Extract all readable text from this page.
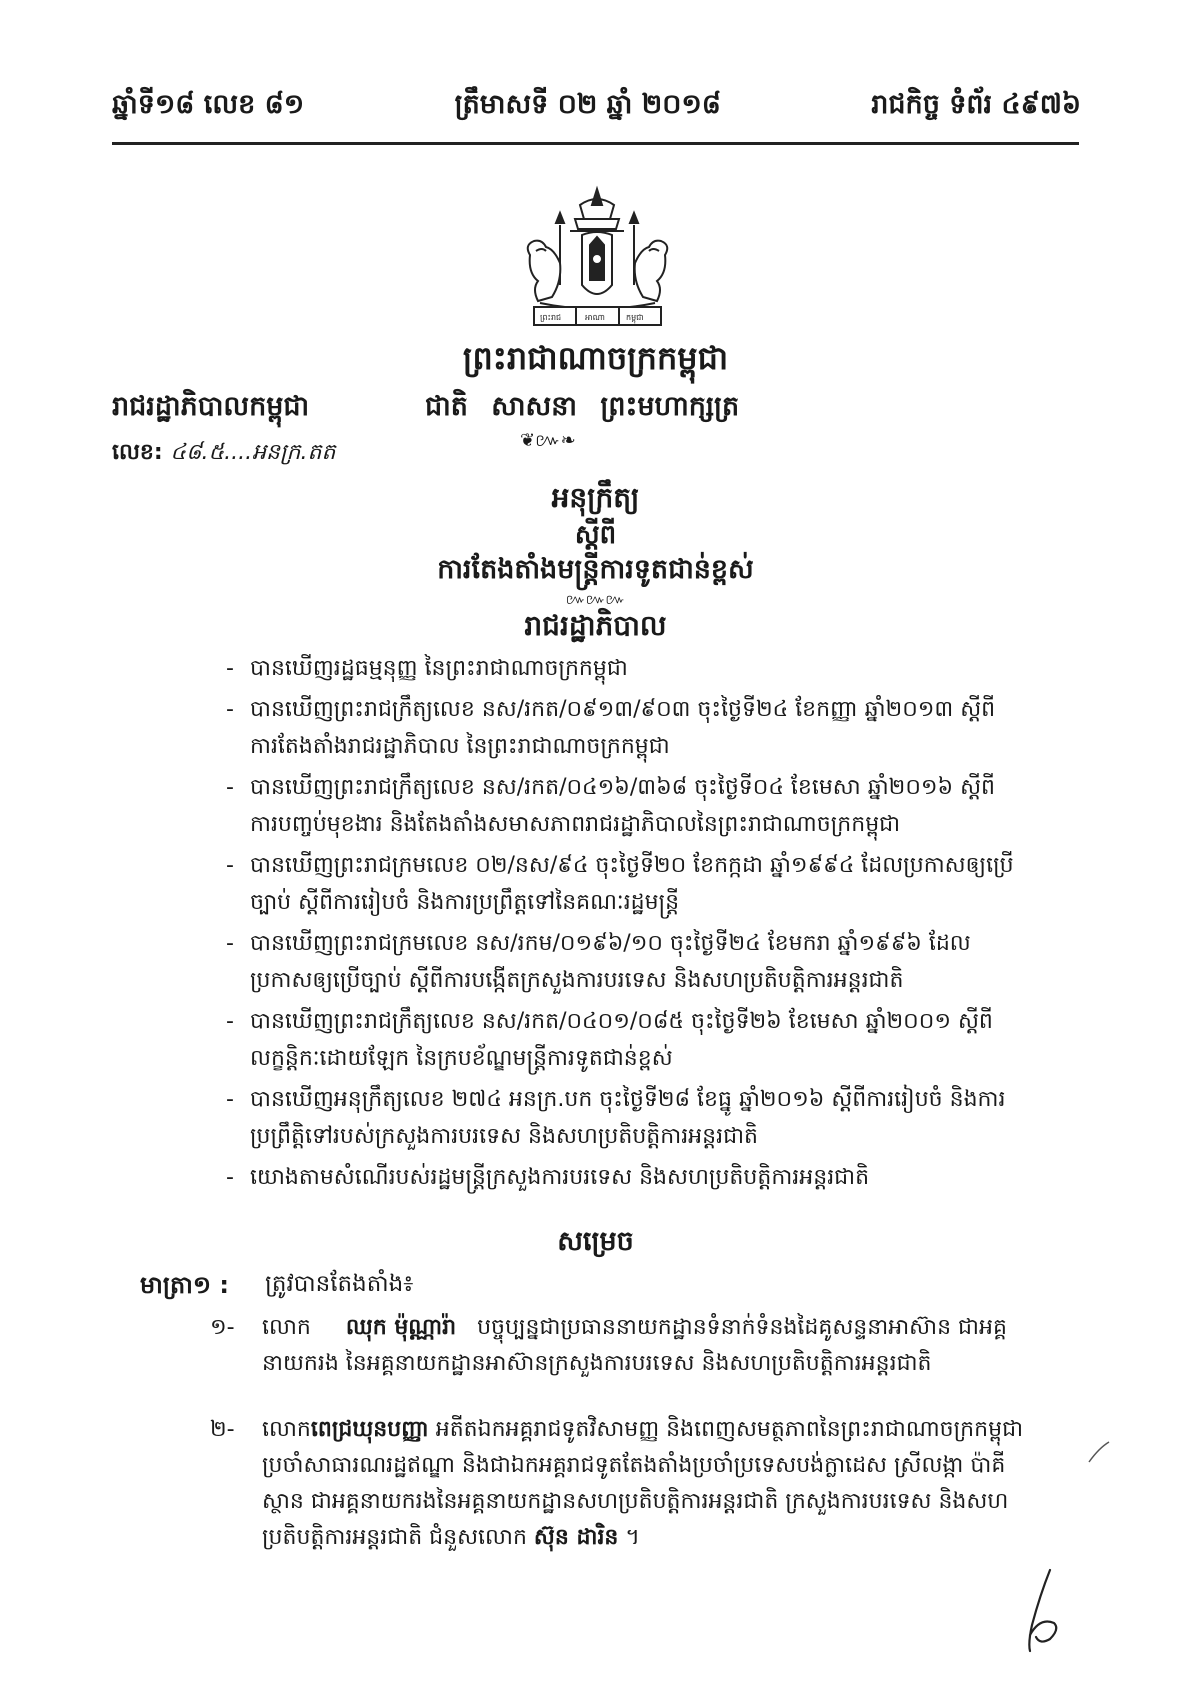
ឆ្នាំទី១៨ លេខ ៨១	ត្រឹមាសទី ០២ ឆ្នាំ ២០១៨	រាជកិច្ច ទំព័រ ៤៩៧៦
ព្រះរាជ	អាណា	កម្ពុជា
ព្រះរាជាណាចក្រកម្ពុជា
រាជរដ្ឋាភិបាលកម្ពុជា	ជាតិ សាសនា ព្រះមហាក្សត្រ
❦៚❧
លេខ: ៤៨.៥....អនក្រ.តត
អនុក្រឹត្យ
ស្តីពី
ការតែងតាំងមន្ត្រីការទូតជាន់ខ្ពស់
៚៚៚
រាជរដ្ឋាភិបាល
- បានឃើញរដ្ឋធម្មនុញ្ញ នៃព្រះរាជាណាចក្រកម្ពុជា
- បានឃើញព្រះរាជក្រឹត្យលេខ នស/រកត/០៩១៣/៩០៣ ចុះថ្ងៃទី២៤ ខែកញ្ញា ឆ្នាំ២០១៣ ស្តីពីការតែងតាំងរាជរដ្ឋាភិបាល នៃព្រះរាជាណាចក្រកម្ពុជា
- បានឃើញព្រះរាជក្រឹត្យលេខ នស/រកត/០៤១៦/៣៦៨ ចុះថ្ងៃទី០៤ ខែមេសា ឆ្នាំ២០១៦ ស្តីពីការបញ្ចប់មុខងារ និងតែងតាំងសមាសភាពរាជរដ្ឋាភិបាលនៃព្រះរាជាណាចក្រកម្ពុជា
- បានឃើញព្រះរាជក្រមលេខ ០២/នស/៩៤ ចុះថ្ងៃទី២០ ខែកក្កដា ឆ្នាំ១៩៩៤ ដែលប្រកាសឲ្យប្រើច្បាប់ ស្តីពីការរៀបចំ និងការប្រព្រឹត្តទៅនៃគណៈរដ្ឋមន្ត្រី
- បានឃើញព្រះរាជក្រមលេខ នស/រកម/០១៩៦/១០ ចុះថ្ងៃទី២៤ ខែមករា ឆ្នាំ១៩៩៦ ដែលប្រកាសឲ្យប្រើច្បាប់ ស្តីពីការបង្កើតក្រសួងការបរទេស និងសហប្រតិបត្តិការអន្តរជាតិ
- បានឃើញព្រះរាជក្រឹត្យលេខ នស/រកត/០៤០១/០៨៥ ចុះថ្ងៃទី២៦ ខែមេសា ឆ្នាំ២០០១ ស្តីពីលក្ខន្តិកៈដោយឡែក នៃក្របខ័ណ្ឌមន្ត្រីការទូតជាន់ខ្ពស់
- បានឃើញអនុក្រឹត្យលេខ ២៧៤ អនក្រ.បក ចុះថ្ងៃទី២៨ ខែធ្នូ ឆ្នាំ២០១៦ ស្តីពីការរៀបចំ និងការប្រព្រឹត្តិទៅរបស់ក្រសួងការបរទេស និងសហប្រតិបត្តិការអន្តរជាតិ
- យោងតាមសំណើរបស់រដ្ឋមន្ត្រីក្រសួងការបរទេស និងសហប្រតិបត្តិការអន្តរជាតិ
សម្រេច
មាត្រា១ : ត្រូវបានតែងតាំង៖
១- លោក ឈុក ម៉ុណ្ណារ៉ា បច្ចុប្បន្នជាប្រធាននាយកដ្ឋានទំនាក់ទំនងដៃគូសន្ទនាអាស៊ាន ជាអគ្គនាយករង នៃអគ្គនាយកដ្ឋានអាស៊ានក្រសួងការបរទេស និងសហប្រតិបត្តិការអន្តរជាតិ
២- លោកពេជ្រឃុនបញ្ញា អតីតឯកអគ្គរាជទូតវិសាមញ្ញ និងពេញសមត្ថភាពនៃព្រះរាជាណាចក្រកម្ពុជាប្រចាំសាធារណរដ្ឋឥណ្ឌា និងជាឯកអគ្គរាជទូតតែងតាំងប្រចាំប្រទេសបង់ក្លាដេស ស្រីលង្កា ប៉ាគីស្ថាន ជាអគ្គនាយករងនៃអគ្គនាយកដ្ឋានសហប្រតិបត្តិការអន្តរជាតិ ក្រសួងការបរទេស និងសហប្រតិបត្តិការអន្តរជាតិ ជំនួសលោក ស៊ុន ដារិន ។
